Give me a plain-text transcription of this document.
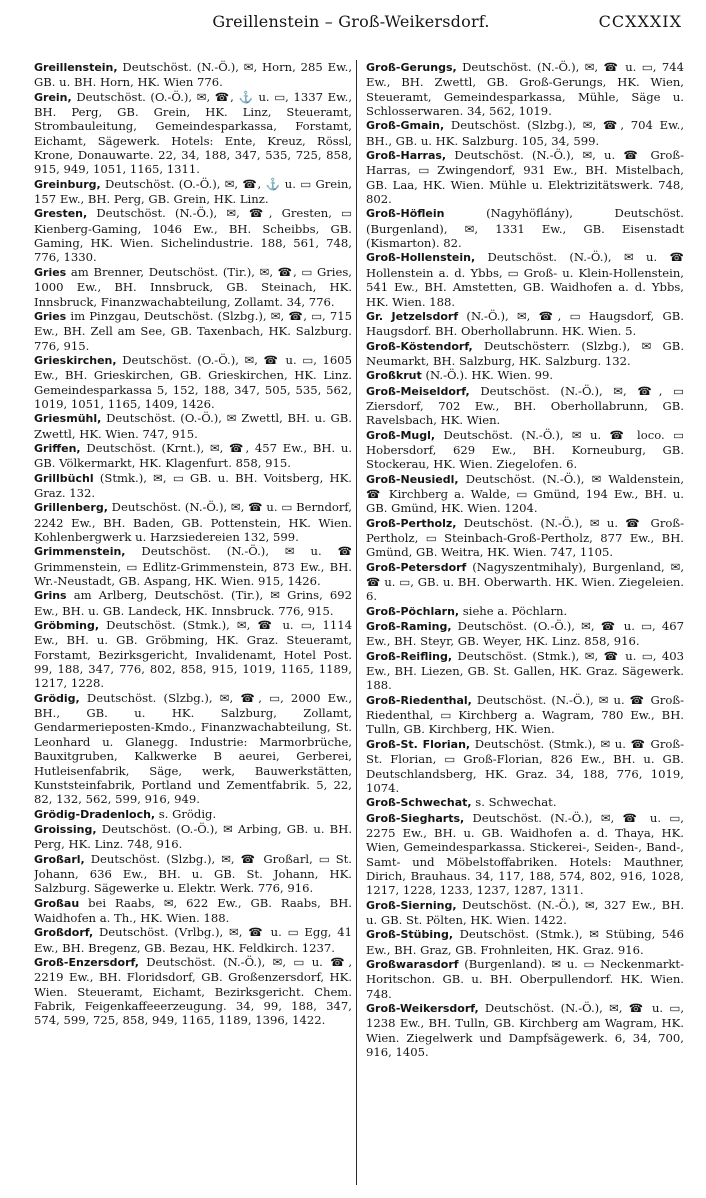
Greillenstein – Groß-Weikersdorf.	CCXXXIX

Greillenstein, Deutschöst. (N.-Ö.), ✉, Horn, 285 Ew., GB. u. BH. Horn, HK. Wien 776.

Grein, Deutschöst. (O.-Ö.), ✉, ☎, ⚓ u. ▭, 1337 Ew., BH. Perg, GB. Grein, HK. Linz, Steueramt, Strombauleitung, Gemeindesparkassa, Forstamt, Eichamt, Sägewerk. Hotels: Ente, Kreuz, Rössl, Krone, Donauwarte. 22, 34, 188, 347, 535, 725, 858, 915, 949, 1051, 1165, 1311.

Greinburg, Deutschöst. (O.-Ö.), ✉, ☎, ⚓ u. ▭ Grein, 157 Ew., BH. Perg, GB. Grein, HK. Linz.

Gresten, Deutschöst. (N.-Ö.), ✉, ☎, Gresten, ▭ Kienberg-Gaming, 1046 Ew., BH. Scheibbs, GB. Gaming, HK. Wien. Sichelindustrie. 188, 561, 748, 776, 1330.

Gries am Brenner, Deutschöst. (Tir.), ✉, ☎, ▭ Gries, 1000 Ew., BH. Innsbruck, GB. Steinach, HK. Innsbruck, Finanzwachabteilung, Zollamt. 34, 776.

Gries im Pinzgau, Deutschöst. (Slzbg.), ✉, ☎, ▭, 715 Ew., BH. Zell am See, GB. Taxenbach, HK. Salzburg. 776, 915.

Grieskirchen, Deutschöst. (O.-Ö.), ✉, ☎ u. ▭, 1605 Ew., BH. Grieskirchen, GB. Grieskirchen, HK. Linz. Gemeindesparkassa 5, 152, 188, 347, 505, 535, 562, 1019, 1051, 1165, 1409, 1426.

Griesmühl, Deutschöst. (O.-Ö.), ✉ Zwettl, BH. u. GB. Zwettl, HK. Wien. 747, 915.

Griffen, Deutschöst. (Krnt.), ✉, ☎, 457 Ew., BH. u. GB. Völkermarkt, HK. Klagenfurt. 858, 915.

Grillbüchl (Stmk.), ✉, ▭ GB. u. BH. Voitsberg, HK. Graz. 132.

Grillenberg, Deutschöst. (N.-Ö.), ✉, ☎ u. ▭ Berndorf, 2242 Ew., BH. Baden, GB. Pottenstein, HK. Wien. Kohlenbergwerk u. Harzsiedereien 132, 599.

Grimmenstein, Deutschöst. (N.-Ö.), ✉ u. ☎ Grimmenstein, ▭ Edlitz-Grimmenstein, 873 Ew., BH. Wr.-Neustadt, GB. Aspang, HK. Wien. 915, 1426.

Grins am Arlberg, Deutschöst. (Tir.), ✉ Grins, 692 Ew., BH. u. GB. Landeck, HK. Innsbruck. 776, 915.

Gröbming, Deutschöst. (Stmk.), ✉, ☎ u. ▭, 1114 Ew., BH. u. GB. Gröbming, HK. Graz. Steueramt, Forstamt, Bezirksgericht, Invalidenamt, Hotel Post. 99, 188, 347, 776, 802, 858, 915, 1019, 1165, 1189, 1217, 1228.

Grödig, Deutschöst. (Slzbg.), ✉, ☎, ▭, 2000 Ew., BH., GB. u. HK. Salzburg, Zollamt, Gendarmerieposten-Kmdo., Finanzwachabteilung, St. Leonhard u. Glanegg. Industrie: Marmorbrüche, Bauxitgruben, Kalkwerke B aeurei, Gerberei, Hutleisenfabrik, Säge, werk, Bauwerkstätten, Kunststeinfabrik, Portland und Zementfabrik. 5, 22, 82, 132, 562, 599, 916, 949.

Grödig-Dradenloch, s. Grödig.

Groissing, Deutschöst. (O.-Ö.), ✉ Arbing, GB. u. BH. Perg, HK. Linz. 748, 916.

Großarl, Deutschöst. (Slzbg.), ✉, ☎ Großarl, ▭ St. Johann, 636 Ew., BH. u. GB. St. Johann, HK. Salzburg. Sägewerke u. Elektr. Werk. 776, 916.

Großau bei Raabs, ✉, 622 Ew., GB. Raabs, BH. Waidhofen a. Th., HK. Wien. 188.

Großdorf, Deutschöst. (Vrlbg.), ✉, ☎ u. ▭ Egg, 41 Ew., BH. Bregenz, GB. Bezau, HK. Feldkirch. 1237.

Groß-Enzersdorf, Deutschöst. (N.-Ö.), ✉, ▭ u. ☎, 2219 Ew., BH. Floridsdorf, GB. Großenzersdorf, HK. Wien. Steueramt, Eichamt, Bezirksgericht. Chem. Fabrik, Feigenkaffeeerzeugung. 34, 99, 188, 347, 574, 599, 725, 858, 949, 1165, 1189, 1396, 1422.

Groß-Gerungs, Deutschöst. (N.-Ö.), ✉, ☎ u. ▭, 744 Ew., BH. Zwettl, GB. Groß-Gerungs, HK. Wien, Steueramt, Gemeindesparkassa, Mühle, Säge u. Schlosserwaren. 34, 562, 1019.

Groß-Gmain, Deutschöst. (Slzbg.), ✉, ☎, 704 Ew., BH., GB. u. HK. Salzburg. 105, 34, 599.

Groß-Harras, Deutschöst. (N.-Ö.), ✉, u. ☎ Groß-Harras, ▭ Zwingendorf, 931 Ew., BH. Mistelbach, GB. Laa, HK. Wien. Mühle u. Elektrizitätswerk. 748, 802.

Groß-Höflein	(Nagyhöflány), Deutschöst. (Burgenland), ✉, 1331 Ew., GB. Eisenstadt (Kismarton). 82.

Groß-Hollenstein, Deutschöst. (N.-Ö.), ✉ u. ☎ Hollenstein a. d. Ybbs, ▭ Groß- u. Klein-Hollenstein, 541 Ew., BH. Amstetten, GB. Waidhofen a. d. Ybbs, HK. Wien. 188.

Gr. Jetzelsdorf (N.-Ö.), ✉, ☎, ▭ Haugsdorf, GB. Haugsdorf. BH. Oberhollabrunn. HK. Wien. 5.

Groß-Köstendorf, Deutschösterr. (Slzbg.), ✉ GB. Neumarkt, BH. Salzburg, HK. Salzburg. 132.

Großkrut (N.-Ö.). HK. Wien. 99.

Groß-Meiseldorf, Deutschöst. (N.-Ö.), ✉, ☎, ▭ Ziersdorf, 702 Ew., BH. Oberhollabrunn, GB. Ravelsbach, HK. Wien.

Groß-Mugl, Deutschöst. (N.-Ö.), ✉ u. ☎ loco. ▭ Hobersdorf, 629 Ew., BH. Korneuburg, GB. Stockerau, HK. Wien. Ziegelofen. 6.

Groß-Neusiedl, Deutschöst. (N.-Ö.), ✉ Waldenstein, ☎ Kirchberg a. Walde, ▭ Gmünd, 194 Ew., BH. u. GB. Gmünd, HK. Wien. 1204.

Groß-Pertholz, Deutschöst. (N.-Ö.), ✉ u. ☎ Groß-Pertholz, ▭ Steinbach-Groß-Pertholz, 877 Ew., BH. Gmünd, GB. Weitra, HK. Wien. 747, 1105.

Groß-Petersdorf (Nagyszentmihaly), Burgenland, ✉, ☎ u. ▭, GB. u. BH. Oberwarth. HK. Wien. Ziegeleien. 6.

Groß-Pöchlarn, siehe a. Pöchlarn.

Groß-Raming, Deutschöst. (O.-Ö.), ✉, ☎ u. ▭, 467 Ew., BH. Steyr, GB. Weyer, HK. Linz. 858, 916.

Groß-Reifling, Deutschöst. (Stmk.), ✉, ☎ u. ▭, 403 Ew., BH. Liezen, GB. St. Gallen, HK. Graz. Sägewerk. 188.

Groß-Riedenthal, Deutschöst. (N.-Ö.), ✉ u. ☎ Groß-Riedenthal, ▭ Kirchberg a. Wagram, 780 Ew., BH. Tulln, GB. Kirchberg, HK. Wien.

Groß-St. Florian, Deutschöst. (Stmk.), ✉ u. ☎ Groß-St. Florian, ▭ Groß-Florian, 826 Ew., BH. u. GB. Deutschlandsberg, HK. Graz. 34, 188, 776, 1019, 1074.

Groß-Schwechat, s. Schwechat.

Groß-Siegharts, Deutschöst. (N.-Ö.), ✉, ☎ u. ▭, 2275 Ew., BH. u. GB. Waidhofen a. d. Thaya, HK. Wien, Gemeindesparkassa. Stickerei-, Seiden-, Band-, Samt- und Möbelstoffabriken. Hotels: Mauthner, Dirich, Brauhaus. 34, 117, 188, 574, 802, 916, 1028, 1217, 1228, 1233, 1237, 1287, 1311.

Groß-Sierning, Deutschöst. (N.-Ö.), ✉, 327 Ew., BH. u. GB. St. Pölten, HK. Wien. 1422.

Groß-Stübing, Deutschöst. (Stmk.), ✉ Stübing, 546 Ew., BH. Graz, GB. Frohnleiten, HK. Graz. 916.

Großwarasdorf (Burgenland). ✉ u. ▭ Neckenmarkt-Horitschon. GB. u. BH. Oberpullendorf. HK. Wien. 748.

Groß-Weikersdorf, Deutschöst. (N.-Ö.), ✉, ☎ u. ▭, 1238 Ew., BH. Tulln, GB. Kirchberg am Wagram, HK. Wien. Ziegelwerk und Dampfsägewerk. 6, 34, 700, 916, 1405.
